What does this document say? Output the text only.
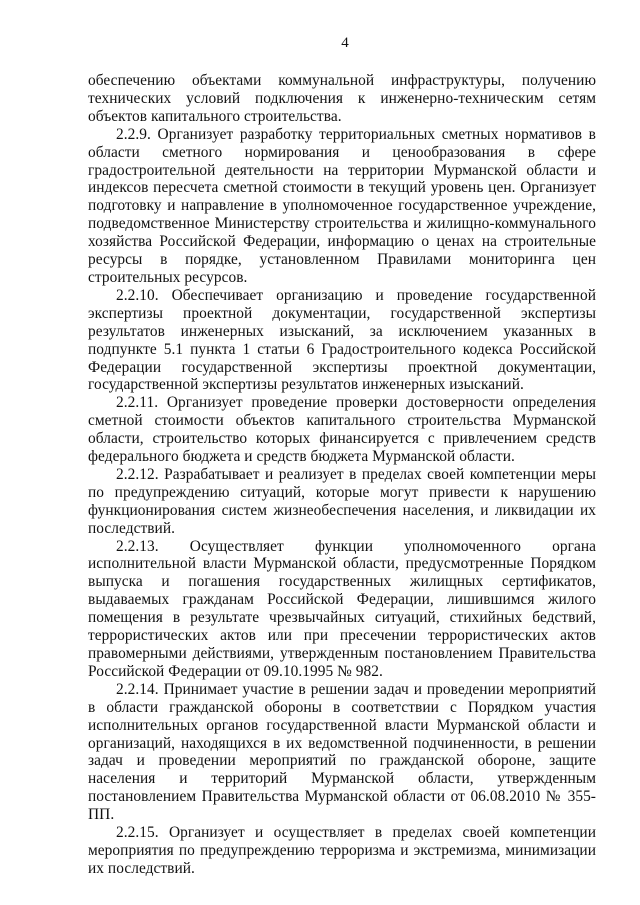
4

обеспечению объектами коммунальной инфраструктуры, получению технических условий подключения к инженерно-техническим сетям объектов капитального строительства.

2.2.9. Организует разработку территориальных сметных нормативов в области сметного нормирования и ценообразования в сфере градостроительной деятельности на территории Мурманской области и индексов пересчета сметной стоимости в текущий уровень цен. Организует подготовку и направление в уполномоченное государственное учреждение, подведомственное Министерству строительства и жилищно-коммунального хозяйства Российской Федерации, информацию о ценах на строительные ресурсы в порядке, установленном Правилами мониторинга цен строительных ресурсов.

2.2.10. Обеспечивает организацию и проведение государственной экспертизы проектной документации, государственной экспертизы результатов инженерных изысканий, за исключением указанных в подпункте 5.1 пункта 1 статьи 6 Градостроительного кодекса Российской Федерации государственной экспертизы проектной документации, государственной экспертизы результатов инженерных изысканий.

2.2.11. Организует проведение проверки достоверности определения сметной стоимости объектов капитального строительства Мурманской области, строительство которых финансируется с привлечением средств федерального бюджета и средств бюджета Мурманской области.

2.2.12. Разрабатывает и реализует в пределах своей компетенции меры по предупреждению ситуаций, которые могут привести к нарушению функционирования систем жизнеобеспечения населения, и ликвидации их последствий.

2.2.13. Осуществляет функции уполномоченного органа исполнительной власти Мурманской области, предусмотренные Порядком выпуска и погашения государственных жилищных сертификатов, выдаваемых гражданам Российской Федерации, лишившимся жилого помещения в результате чрезвычайных ситуаций, стихийных бедствий, террористических актов или при пресечении террористических актов правомерными действиями, утвержденным постановлением Правительства Российской Федерации от 09.10.1995 № 982.

2.2.14. Принимает участие в решении задач и проведении мероприятий в области гражданской обороны в соответствии с Порядком участия исполнительных органов государственной власти Мурманской области и организаций, находящихся в их ведомственной подчиненности, в решении задач и проведении мероприятий по гражданской обороне, защите населения и территорий Мурманской области, утвержденным постановлением Правительства Мурманской области от 06.08.2010 № 355-ПП.

2.2.15. Организует и осуществляет в пределах своей компетенции мероприятия по предупреждению терроризма и экстремизма, минимизации их последствий.
